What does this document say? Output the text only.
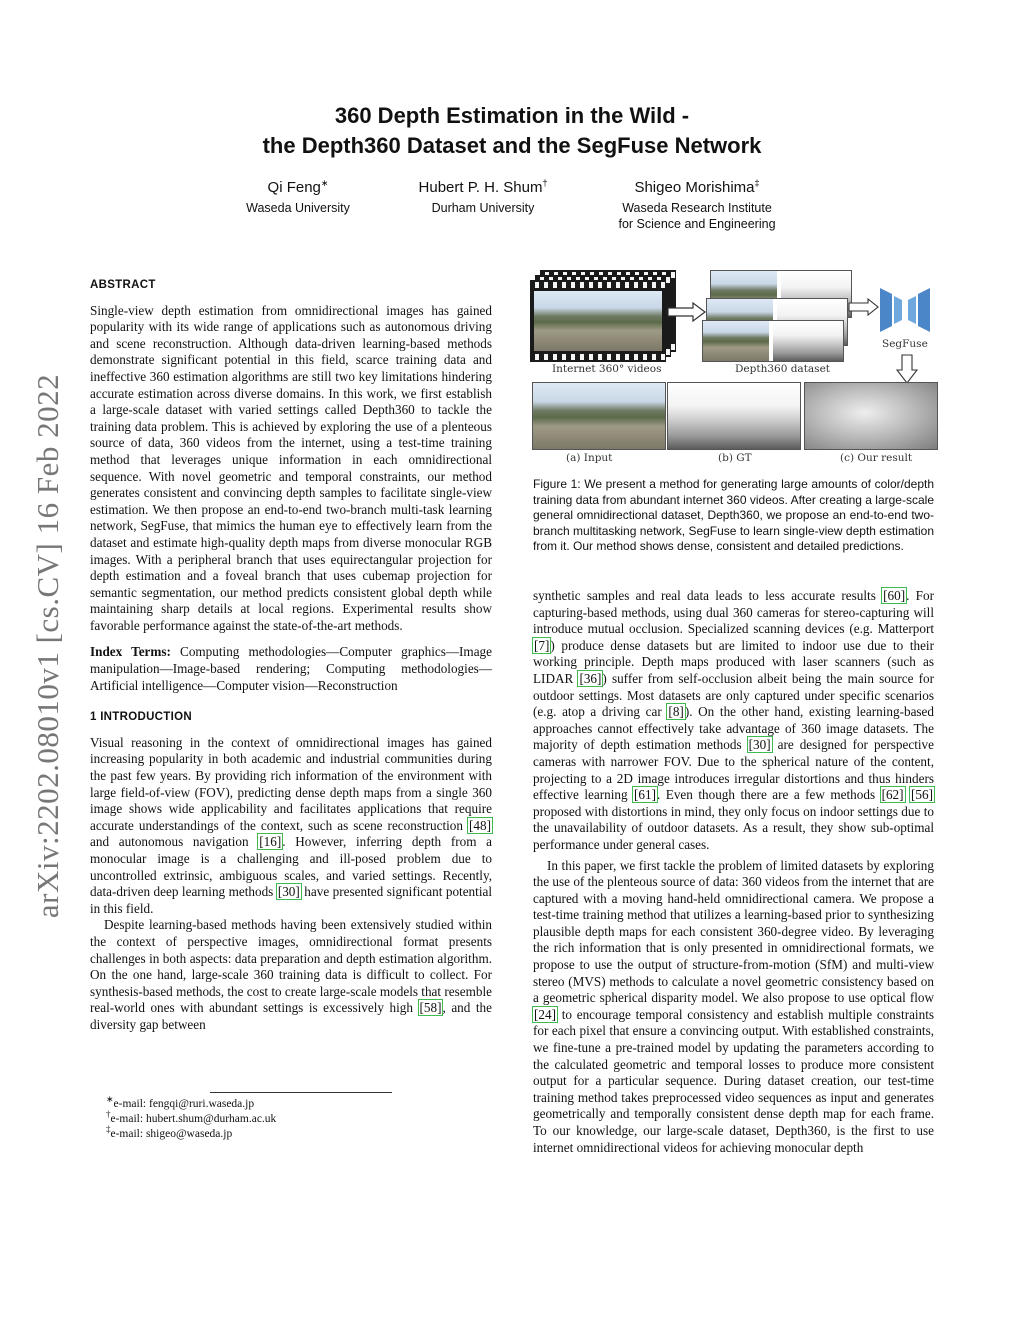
arXiv:2202.08010v1 [cs.CV] 16 Feb 2022
360 Depth Estimation in the Wild -
the Depth360 Dataset and the SegFuse Network
Qi Feng∗
Waseda University
Hubert P. H. Shum†
Durham University
Shigeo Morishima‡
Waseda Research Institute
for Science and Engineering
ABSTRACT

Single-view depth estimation from omnidirectional images has gained popularity with its wide range of applications such as autonomous driving and scene reconstruction. Although data-driven learning-based methods demonstrate significant potential in this field, scarce training data and ineffective 360 estimation algorithms are still two key limitations hindering accurate estimation across diverse domains. In this work, we first establish a large-scale dataset with varied settings called Depth360 to tackle the training data problem. This is achieved by exploring the use of a plenteous source of data, 360 videos from the internet, using a test-time training method that leverages unique information in each omnidirectional sequence. With novel geometric and temporal constraints, our method generates consistent and convincing depth samples to facilitate single-view estimation. We then propose an end-to-end two-branch multi-task learning network, SegFuse, that mimics the human eye to effectively learn from the dataset and estimate high-quality depth maps from diverse monocular RGB images. With a peripheral branch that uses equirectangular projection for depth estimation and a foveal branch that uses cubemap projection for semantic segmentation, our method predicts consistent global depth while maintaining sharp details at local regions. Experimental results show favorable performance against the state-of-the-art methods.

Index Terms: Computing methodologies—Computer graphics—Image manipulation—Image-based rendering; Computing methodologies—Artificial intelligence—Computer vision—Reconstruction

1 INTRODUCTION

Visual reasoning in the context of omnidirectional images has gained increasing popularity in both academic and industrial communities during the past few years. By providing rich information of the environment with large field-of-view (FOV), predicting dense depth maps from a single 360 image shows wide applicability and facilitates applications that require accurate understandings of the context, such as scene reconstruction [48] and autonomous navigation [16]. However, inferring depth from a monocular image is a challenging and ill-posed problem due to uncontrolled extrinsic, ambiguous scales, and varied settings. Recently, data-driven deep learning methods [30] have presented significant potential in this field.

Despite learning-based methods having been extensively studied within the context of perspective images, omnidirectional format presents challenges in both aspects: data preparation and depth estimation algorithm. On the one hand, large-scale 360 training data is difficult to collect. For synthesis-based methods, the cost to create large-scale models that resemble real-world ones with abundant settings is excessively high [58], and the diversity gap between

∗e-mail: fengqi@ruri.waseda.jp
†e-mail: hubert.shum@durham.ac.uk
‡e-mail: shigeo@waseda.jp
Internet 360° videos	Depth360 dataset
SegFuse
(a) Input	(b) GT	(c) Our result
Figure 1: We present a method for generating large amounts of color/depth training data from abundant internet 360 videos. After creating a large-scale general omnidirectional dataset, Depth360, we propose an end-to-end two-branch multitasking network, SegFuse to learn single-view depth estimation from it. Our method shows dense, consistent and detailed predictions.

synthetic samples and real data leads to less accurate results [60]. For capturing-based methods, using dual 360 cameras for stereo-capturing will introduce mutual occlusion. Specialized scanning devices (e.g. Matterport [7]) produce dense datasets but are limited to indoor use due to their working principle. Depth maps produced with laser scanners (such as LIDAR [36]) suffer from self-occlusion albeit being the main source for outdoor settings. Most datasets are only captured under specific scenarios (e.g. atop a driving car [8]). On the other hand, existing learning-based approaches cannot effectively take advantage of 360 image datasets. The majority of depth estimation methods [30] are designed for perspective cameras with narrower FOV. Due to the spherical nature of the content, projecting to a 2D image introduces irregular distortions and thus hinders effective learning [61]. Even though there are a few methods [62] [56] proposed with distortions in mind, they only focus on indoor settings due to the unavailability of outdoor datasets. As a result, they show sub-optimal performance under general cases.

In this paper, we first tackle the problem of limited datasets by exploring the use of the plenteous source of data: 360 videos from the internet that are captured with a moving hand-held omnidirectional camera. We propose a test-time training method that utilizes a learning-based prior to synthesizing plausible depth maps for each consistent 360-degree video. By leveraging the rich information that is only presented in omnidirectional formats, we propose to use the output of structure-from-motion (SfM) and multi-view stereo (MVS) methods to calculate a novel geometric consistency based on a geometric spherical disparity model. We also propose to use optical flow [24] to encourage temporal consistency and establish multiple constraints for each pixel that ensure a convincing output. With established constraints, we fine-tune a pre-trained model by updating the parameters according to the calculated geometric and temporal losses to produce more consistent output for a particular sequence. During dataset creation, our test-time training method takes preprocessed video sequences as input and generates geometrically and temporally consistent dense depth map for each frame. To our knowledge, our large-scale dataset, Depth360, is the first to use internet omnidirectional videos for achieving monocular depth
